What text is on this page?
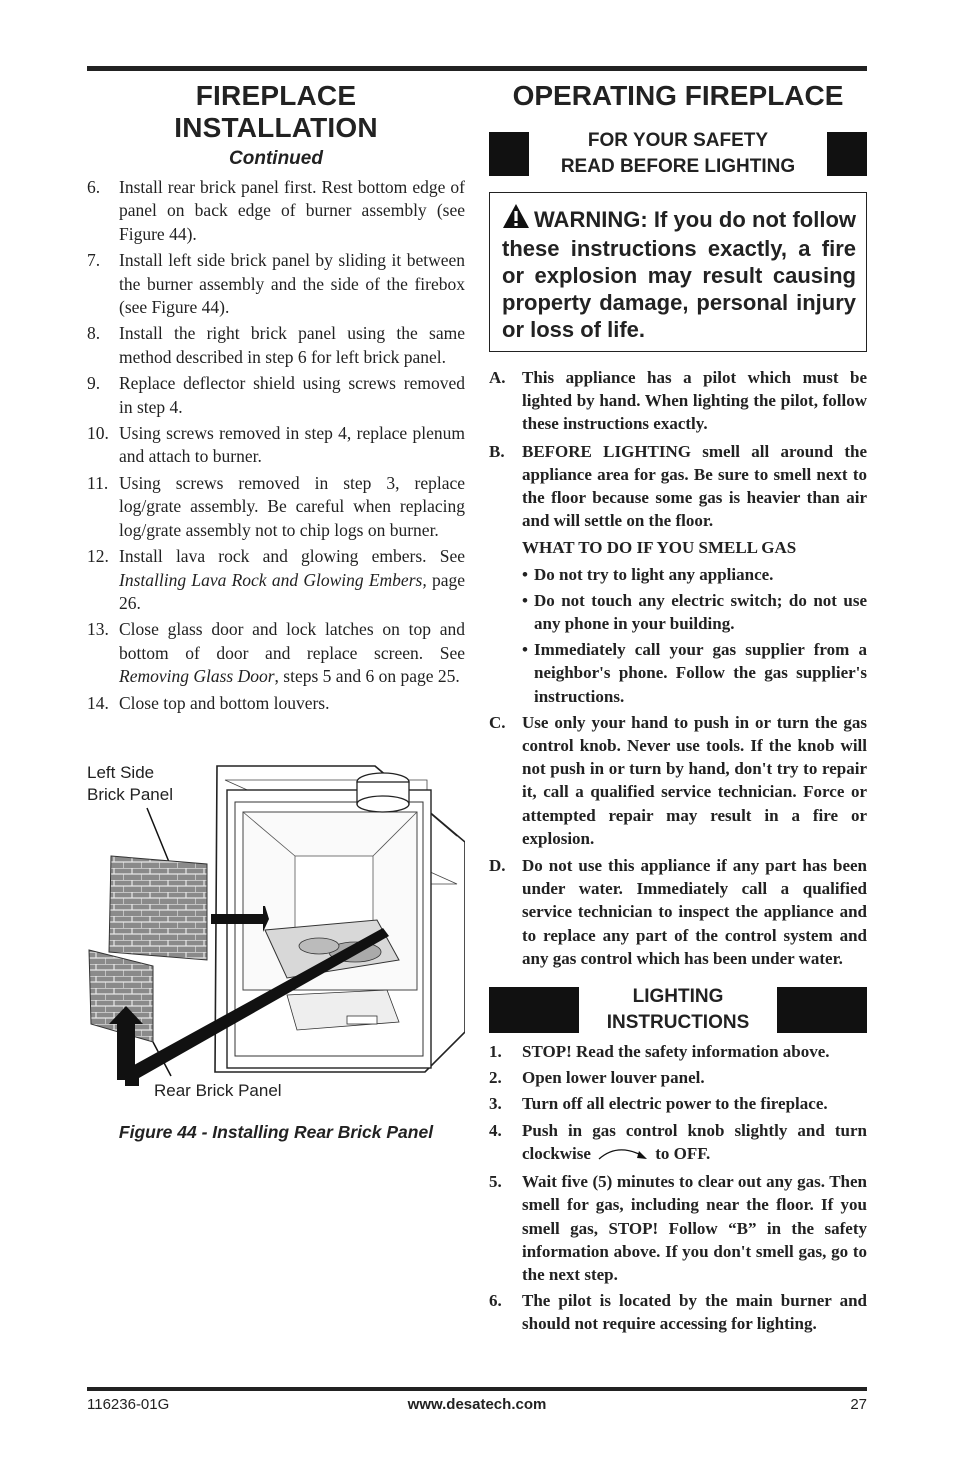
FIREPLACE
INSTALLATION
Continued
6.	Install rear brick panel first. Rest bottom edge of panel on back edge of burner assembly (see Figure 44).
7.	Install left side brick panel by sliding it between the burner assembly and the side of the firebox (see Figure 44).
8.	Install the right brick panel using the same method described in step 6 for left brick panel.
9.	Replace deflector shield using screws removed in step 4.
10. Using screws removed in step 4, replace plenum and attach to burner.
11. Using screws removed in step 3, replace log/grate assembly. Be careful when replacing log/grate assembly not to chip logs on burner.
12. Install lava rock and glowing embers. See Installing Lava Rock and Glowing Embers, page 26.
13. Close glass door and lock latches on top and bottom of door and replace screen. See Removing Glass Door, steps 5 and 6 on page 25.
14. Close top and bottom louvers.
Left Side
Brick Panel
Rear Brick Panel
Figure 44 - Installing Rear Brick Panel
OPERATING FIREPLACE
FOR YOUR SAFETY
READ BEFORE LIGHTING
WARNING: If you do not follow these instructions exactly, a fire or explosion may result causing property damage, personal injury or loss of life.
A. This appliance has a pilot which must be lighted by hand. When lighting the pilot, follow these instructions exactly.
B.	BEFORE LIGHTING smell all around the appliance area for gas. Be sure to smell next to the floor because some gas is heavier than air and will settle on the floor.
WHAT TO DO IF YOU SMELL GAS
• Do not try to light any appliance.
• Do not touch any electric switch; do not use any phone in your building.
• Immediately call your gas supplier from a neighbor's phone. Follow the gas supplier's instructions.
C. Use only your hand to push in or turn the gas control knob. Never use tools. If the knob will not push in or turn by hand, don't try to repair it, call a qualified service technician. Force or attempted repair may result in a fire or explosion.
D. Do not use this appliance if any part has been under water. Immediately call a qualified service technician to inspect the appliance and to replace any part of the control system and any gas control which has been under water.
LIGHTING
INSTRUCTIONS
1.	STOP! Read the safety information above.
2.	Open lower louver panel.
3.	Turn off all electric power to the fireplace.
4.	Push in gas control knob slightly and turn clockwise	to OFF.
5.	Wait five (5) minutes to clear out any gas. Then smell for gas, including near the floor. If you smell gas, STOP! Follow “B” in the safety information above. If you don't smell gas, go to the next step.
6.	The pilot is located by the main burner and should not require accessing for lighting.
116236-01G	www.desatech.com	27
